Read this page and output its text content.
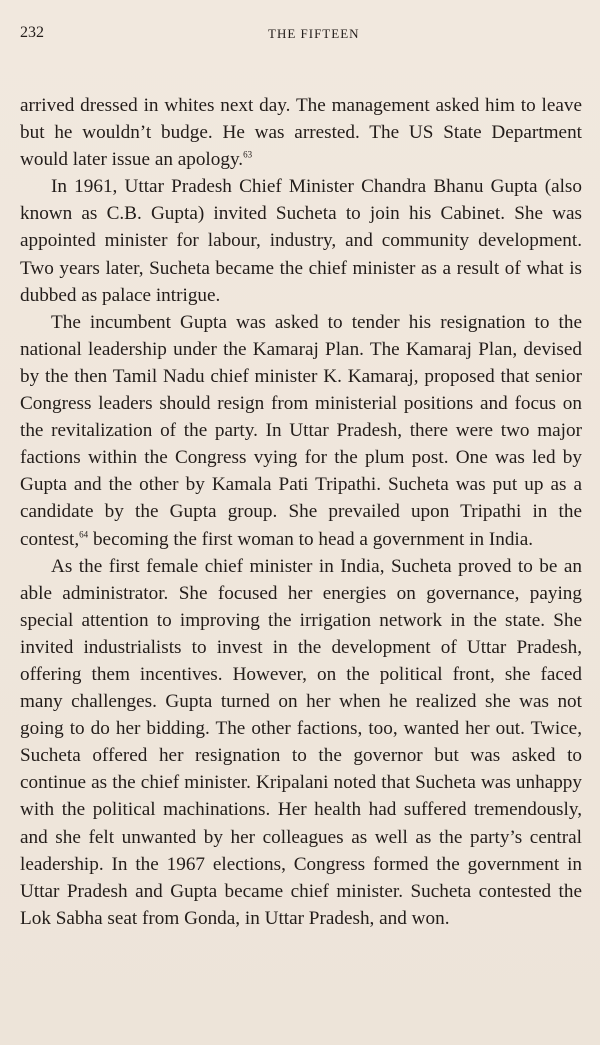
232	THE FIFTEEN

arrived dressed in whites next day. The management asked him to leave but he wouldn’t budge. He was arrested. The US State Department would later issue an apology.$^{63}$

In 1961, Uttar Pradesh Chief Minister Chandra Bhanu Gupta (also known as C.B. Gupta) invited Sucheta to join his Cabinet. She was appointed minister for labour, industry, and community development. Two years later, Sucheta became the chief minister as a result of what is dubbed as palace intrigue.

The incumbent Gupta was asked to tender his resignation to the national leadership under the Kamaraj Plan. The Kamaraj Plan, devised by the then Tamil Nadu chief minister K. Kamaraj, proposed that senior Congress leaders should resign from ministerial positions and focus on the revitalization of the party. In Uttar Pradesh, there were two major factions within the Congress vying for the plum post. One was led by Gupta and the other by Kamala Pati Tripathi. Sucheta was put up as a candidate by the Gupta group. She prevailed upon Tripathi in the contest,$^{64}$ becoming the first woman to head a government in India.

As the first female chief minister in India, Sucheta proved to be an able administrator. She focused her energies on governance, paying special attention to improving the irrigation network in the state. She invited industrialists to invest in the development of Uttar Pradesh, offering them incentives. However, on the political front, she faced many challenges. Gupta turned on her when he realized she was not going to do her bidding. The other factions, too, wanted her out. Twice, Sucheta offered her resignation to the governor but was asked to continue as the chief minister. Kripalani noted that Sucheta was unhappy with the political machinations. Her health had suffered tremendously, and she felt unwanted by her colleagues as well as the party’s central leadership. In the 1967 elections, Congress formed the government in Uttar Pradesh and Gupta became chief minister. Sucheta contested the Lok Sabha seat from Gonda, in Uttar Pradesh, and won.
